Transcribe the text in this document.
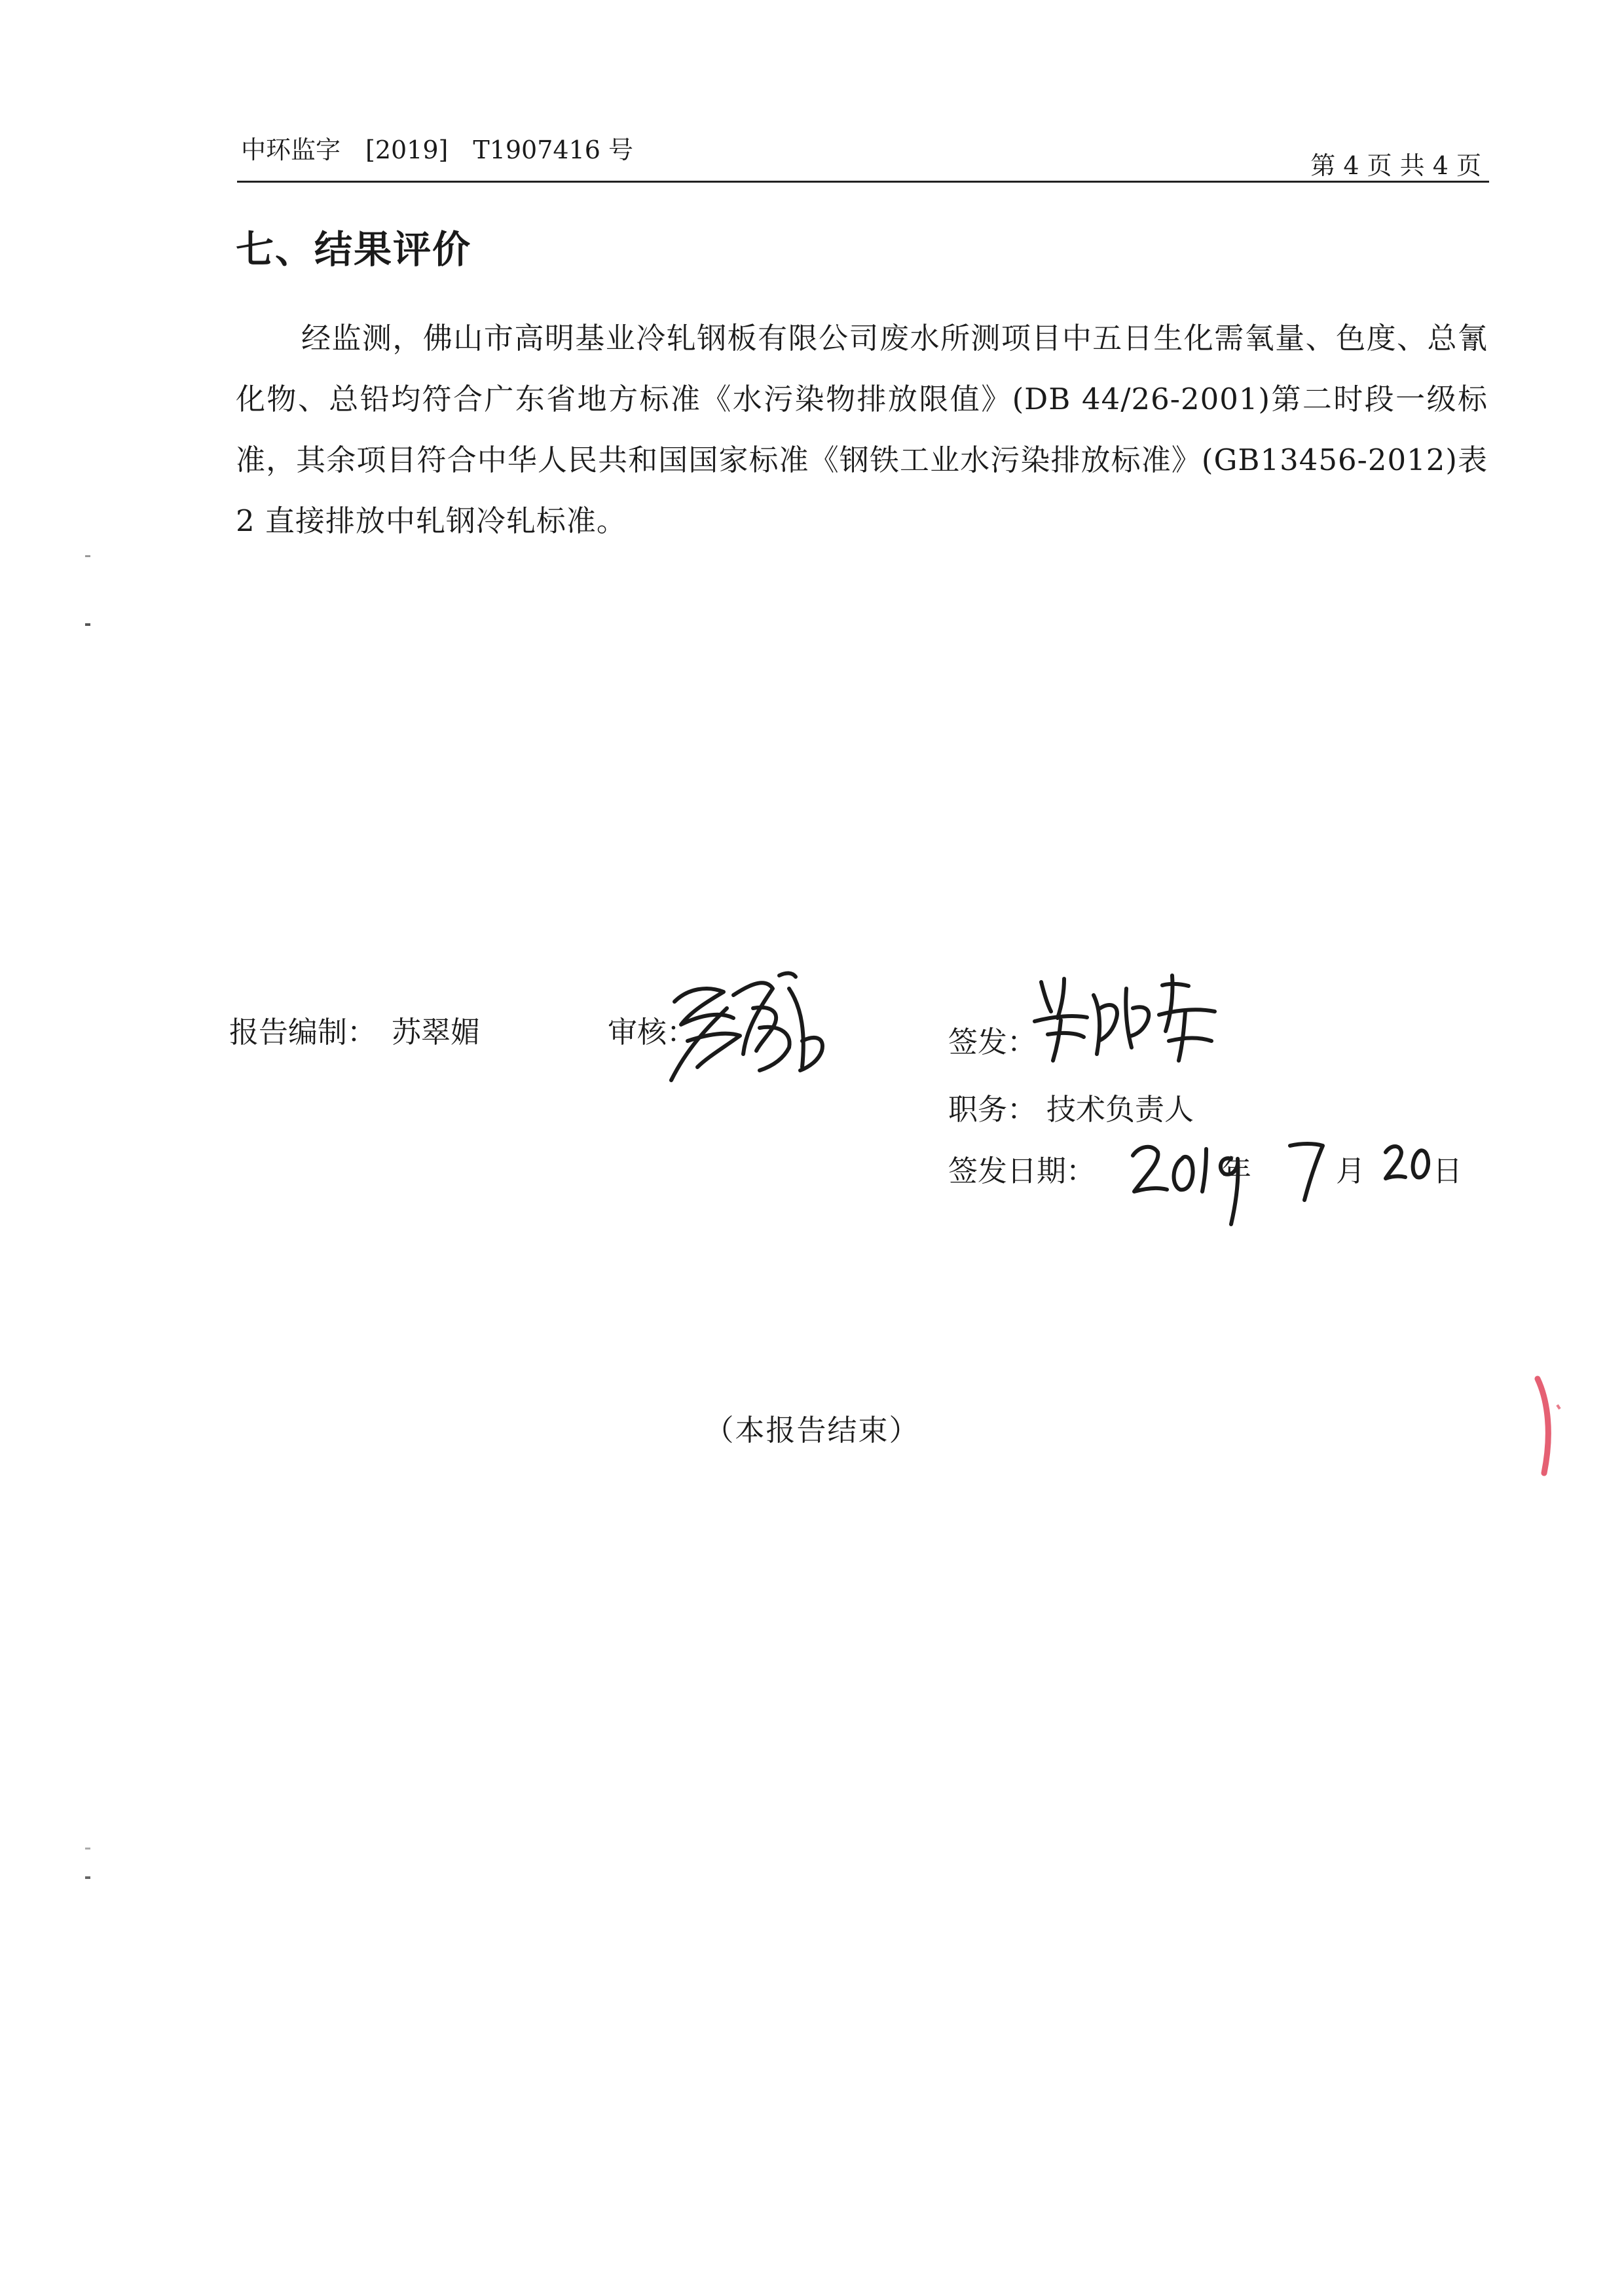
中环监字　[2019]　T1907416 号
第 4 页 共 4 页
七、结果评价

经监测，佛山市高明基业冷轧钢板有限公司废水所测项目中五日生化需氧量、色度、总氰化物、总铅均符合广东省地方标准《水污染物排放限值》(DB 44/26-2001)第二时段一级标准，其余项目符合中华人民共和国国家标准《钢铁工业水污染排放标准》(GB13456-2012)表 2 直接排放中轧钢冷轧标准。

报告编制： 苏翠媚	审核：	签发：
职务： 技术负责人
签发日期：	年	月 日
（本报告结束）
